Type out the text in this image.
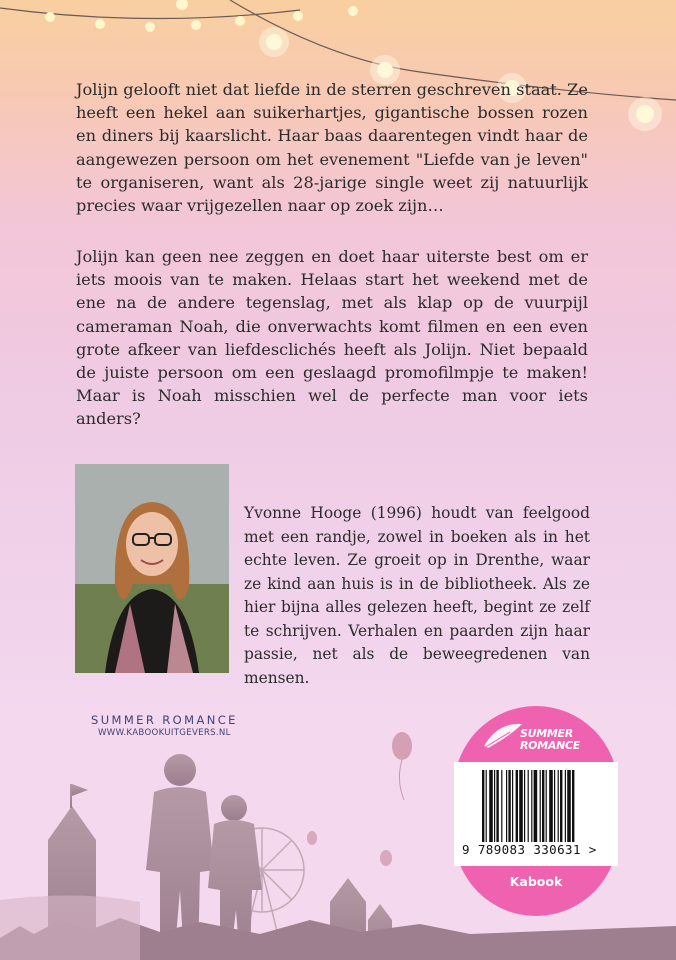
Jolijn gelooft niet dat liefde in de sterren geschreven staat. Ze heeft een hekel aan suikerhartjes, gigantische bossen rozen en diners bij kaarslicht. Haar baas daarentegen vindt haar de aangewezen persoon om het evenement "Liefde van je leven" te organiseren, want als 28-jarige single weet zij natuurlijk precies waar vrijgezellen naar op zoek zijn…

Jolijn kan geen nee zeggen en doet haar uiterste best om er iets moois van te maken. Helaas start het weekend met de ene na de andere tegenslag, met als klap op de vuurpijl cameraman Noah, die onverwachts komt filmen en een even grote afkeer van liefdesclichés heeft als Jolijn. Niet bepaald de juiste persoon om een geslaagd promofilmpje te maken! Maar is Noah misschien wel de perfecte man voor iets anders?

Yvonne Hooge (1996) houdt van feelgood met een randje, zowel in boeken als in het echte leven. Ze groeit op in Drenthe, waar ze kind aan huis is in de bibliotheek. Als ze hier bijna alles gelezen heeft, begint ze zelf te schrijven. Verhalen en paarden zijn haar passie, net als de beweegredenen van mensen.

SUMMER ROMANCE
WWW.KABOOKUITGEVERS.NL	SUMMER
ROMANCE
9 789083 330631 >
Kabook
